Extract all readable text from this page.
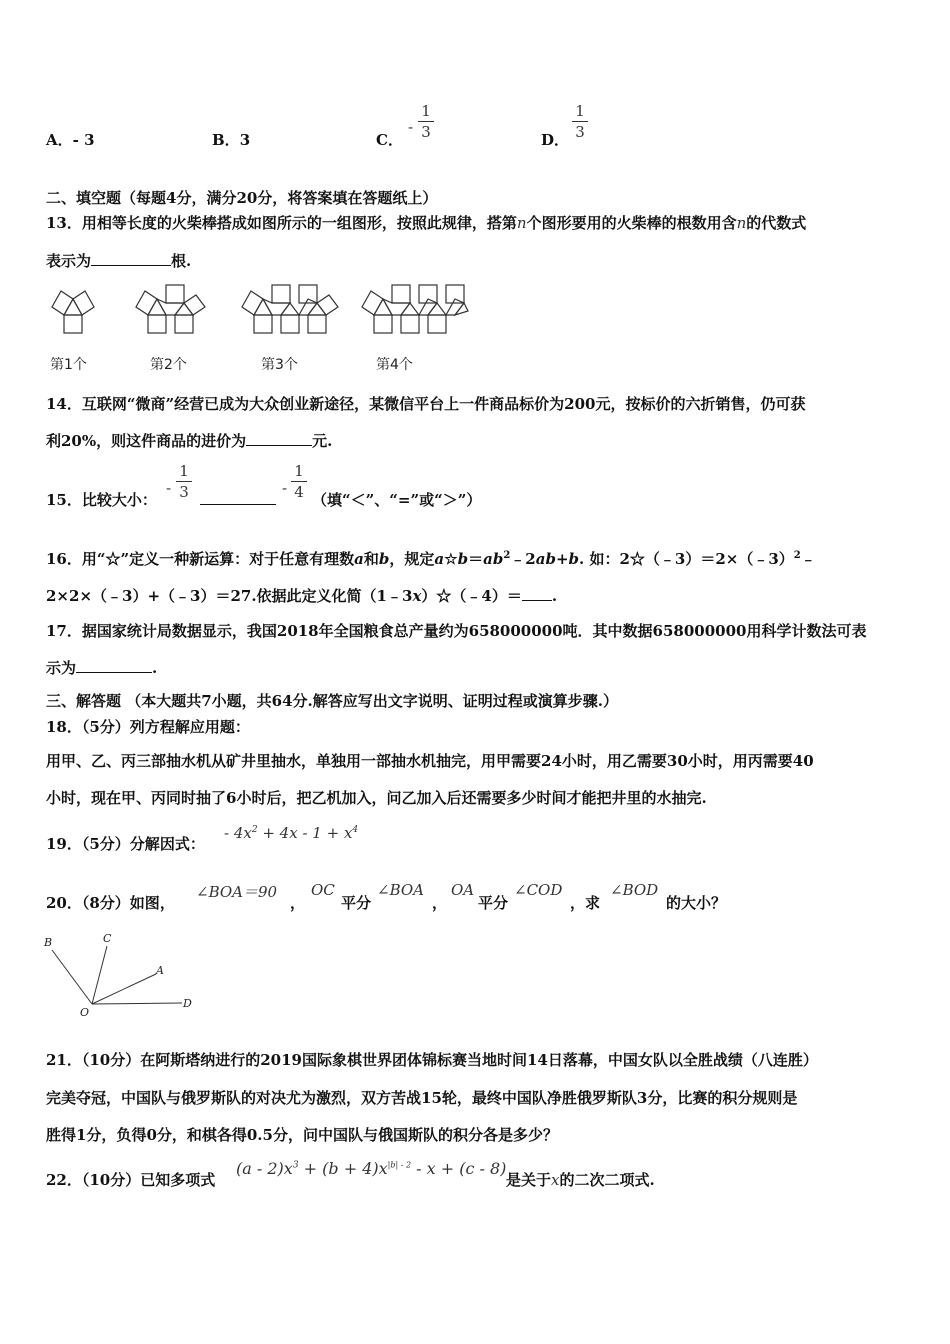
A．- 3	B．3	C．
-
1
3	D．
1
3
二、填空题（每题4分，满分20分，将答案填在答题纸上）
13．用相等长度的火柴棒搭成如图所示的一组图形，按照此规律，搭第n个图形要用的火柴棒的根数用含n的代数式
表示为	根.
第1个	第2个	第3个	第4个
14．互联网“微商”经营已成为大众创业新途径，某微信平台上一件商品标价为200元，按标价的六折销售，仍可获
利20%，则这件商品的进价为	元.
15．比较大小：
-
1
3	-
1
4 （填“＜”、“=”或“＞”）
16．用“☆”定义一种新运算：对于任意有理数a和b，规定$a☆b=ab^2﹣2ab+b$. 如：2☆（﹣3）＝2×（﹣3）$^2$﹣
2×2×（﹣3）+（﹣3）＝27.依据此定义化简（1﹣3x）☆（﹣4）＝ .
17．据国家统计局数据显示，我国2018年全国粮食总产量约为658000000吨．其中数据658000000用科学计数法可表
示为	.
三、解答题 （本大题共7小题，共64分.解答应写出文字说明、证明过程或演算步骤.）
18．（5分）列方程解应用题：
用甲、乙、丙三部抽水机从矿井里抽水，单独用一部抽水机抽完，用甲需要24小时，用乙需要30小时，用丙需要40
小时，现在甲、丙同时抽了6小时后，把乙机加入，问乙加入后还需要多少时间才能把井里的水抽完.
19．（5分）分解因式：
- $4x^2 + 4x - 1 + x^4$
20．（8分）如图，
∠BOA＝90
，
OC
平分
∠BOA
，
OA
平分
∠COD
，求
∠BOD
的大小？
B	C
A
O
D
21．（10分）在阿斯塔纳进行的2019国际象棋世界团体锦标赛当地时间14日落幕，中国女队以全胜战绩（八连胜）
完美夺冠，中国队与俄罗斯队的对决尤为激烈，双方苦战15轮，最终中国队净胜俄罗斯队3分，比赛的积分规则是
胜得1分，负得0分，和棋各得0.5分，问中国队与俄国斯队的积分各是多少？
22．（10分）已知多项式
$(a - 2)x^3 + (b + 4)x^{|b| - 2} - x + (c - 8)$
是关于x的二次二项式.
